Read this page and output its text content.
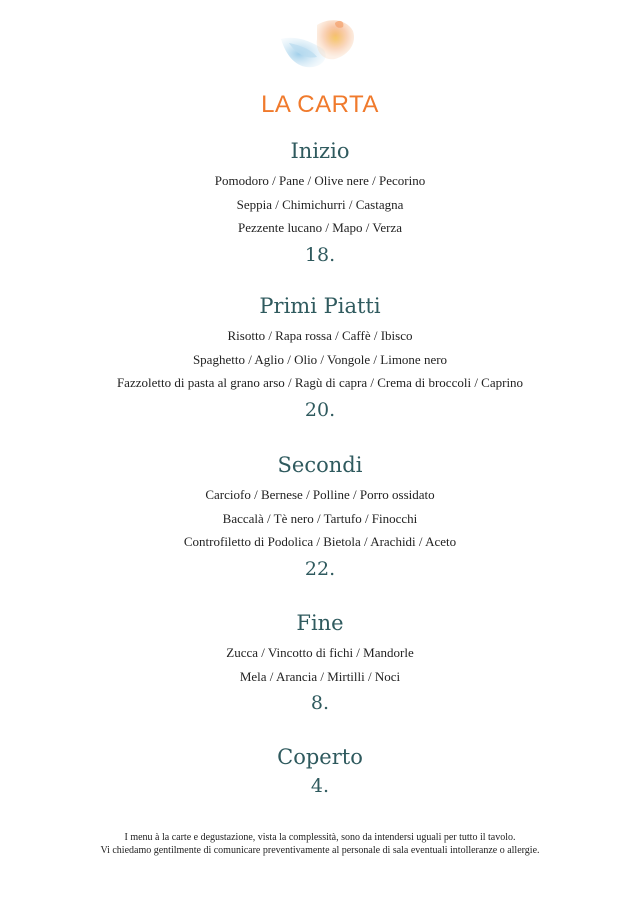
LA CARTA
Inizio
Pomodoro / Pane / Olive nere / Pecorino
Seppia / Chimichurri / Castagna
Pezzente lucano / Mapo / Verza
18.
Primi Piatti
Risotto / Rapa rossa / Caffè / Ibisco
Spaghetto / Aglio / Olio / Vongole / Limone nero
Fazzoletto di pasta al grano arso / Ragù di capra / Crema di broccoli / Caprino
20.
Secondi
Carciofo / Bernese / Polline / Porro ossidato
Baccalà / Tè nero / Tartufo / Finocchi
Controfiletto di Podolica / Bietola / Arachidi / Aceto
22.
Fine
Zucca / Vincotto di fichi / Mandorle
Mela / Arancia / Mirtilli / Noci
8.
Coperto
4.
I menu à la carte e degustazione, vista la complessità, sono da intendersi uguali per tutto il tavolo.
Vi chiedamo gentilmente di comunicare preventivamente al personale di sala eventuali intolleranze o allergie.
